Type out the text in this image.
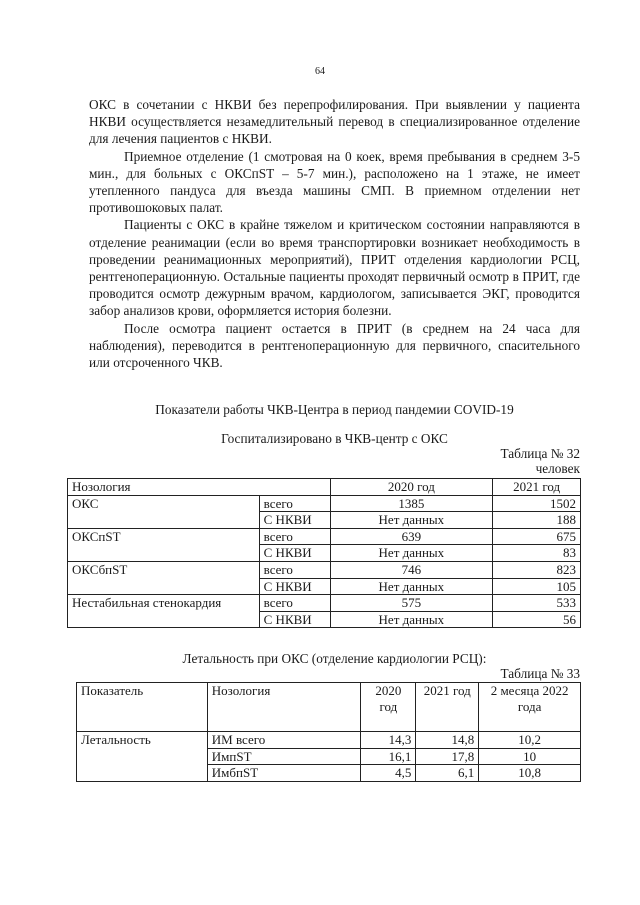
64

ОКС в сочетании с НКВИ без перепрофилирования. При выявлении у пациента НКВИ осуществляется незамедлительный перевод в специализированное отделение для лечения пациентов с НКВИ.

Приемное отделение (1 смотровая на 0 коек, время пребывания в среднем 3-5 мин., для больных с ОКСпST – 5-7 мин.), расположено на 1 этаже, не имеет утепленного пандуса для въезда машины СМП. В приемном отделении нет противошоковых палат.

Пациенты с ОКС в крайне тяжелом и критическом состоянии направляются в отделение реанимации (если во время транспортировки возникает необходимость в проведении реанимационных мероприятий), ПРИТ отделения кардиологии РСЦ, рентгеноперационную. Остальные пациенты проходят первичный осмотр в ПРИТ, где проводится осмотр дежурным врачом, кардиологом, записывается ЭКГ, проводится забор анализов крови, оформляется история болезни.

После осмотра пациент остается в ПРИТ (в среднем на 24 часа для наблюдения), переводится в рентгеноперационную для первичного, спасительного или отсроченного ЧКВ.

Показатели работы ЧКВ-Центра в период пандемии COVID-19
Госпитализировано в ЧКВ-центр с ОКС
Таблица № 32
человек
Нозология		2020 год	2021 год
ОКС	всего	1385	1502
	С НКВИ	Нет данных	188
ОКСпST	всего	639	675
	С НКВИ	Нет данных	83
ОКСбпST	всего	746	823
	С НКВИ	Нет данных	105
Нестабильная стенокардия	всего	575	533
	С НКВИ	Нет данных	56
Летальность при ОКС (отделение кардиологии РСЦ):
Таблица № 33
Показатель	Нозология	2020 год	2021 год	2 месяца 2022 года
Летальность	ИМ всего	14,3	14,8	10,2
	ИмпST	16,1	17,8	10
	ИмбпST	4,5	6,1	10,8
